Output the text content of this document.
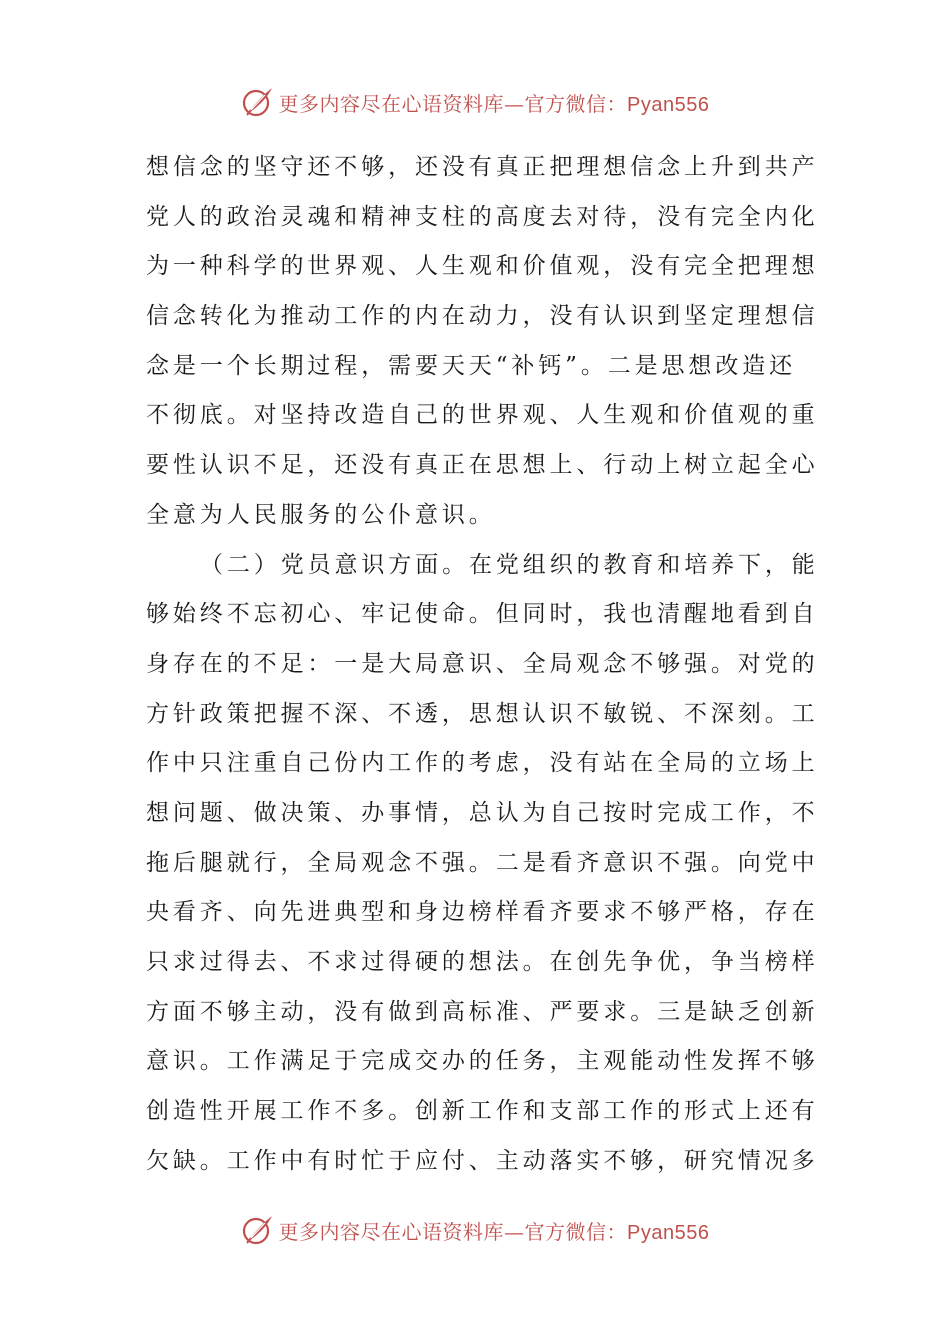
更多内容尽在心语资料库—官方微信：Pyan556
想信念的坚守还不够，还没有真正把理想信念上升到共产
党人的政治灵魂和精神支柱的高度去对待，没有完全内化
为一种科学的世界观、人生观和价值观，没有完全把理想
信念转化为推动工作的内在动力，没有认识到坚定理想信
念是一个长期过程，需要天天“补钙”。二是思想改造还
不彻底。对坚持改造自己的世界观、人生观和价值观的重
要性认识不足，还没有真正在思想上、行动上树立起全心
全意为人民服务的公仆意识。
（二）党员意识方面。在党组织的教育和培养下，能
够始终不忘初心、牢记使命。但同时，我也清醒地看到自
身存在的不足：一是大局意识、全局观念不够强。对党的
方针政策把握不深、不透，思想认识不敏锐、不深刻。工
作中只注重自己份内工作的考虑，没有站在全局的立场上
想问题、做决策、办事情，总认为自己按时完成工作，不
拖后腿就行，全局观念不强。二是看齐意识不强。向党中
央看齐、向先进典型和身边榜样看齐要求不够严格，存在
只求过得去、不求过得硬的想法。在创先争优，争当榜样
方面不够主动，没有做到高标准、严要求。三是缺乏创新
意识。工作满足于完成交办的任务，主观能动性发挥不够
创造性开展工作不多。创新工作和支部工作的形式上还有
欠缺。工作中有时忙于应付、主动落实不够，研究情况多
更多内容尽在心语资料库—官方微信：Pyan556
